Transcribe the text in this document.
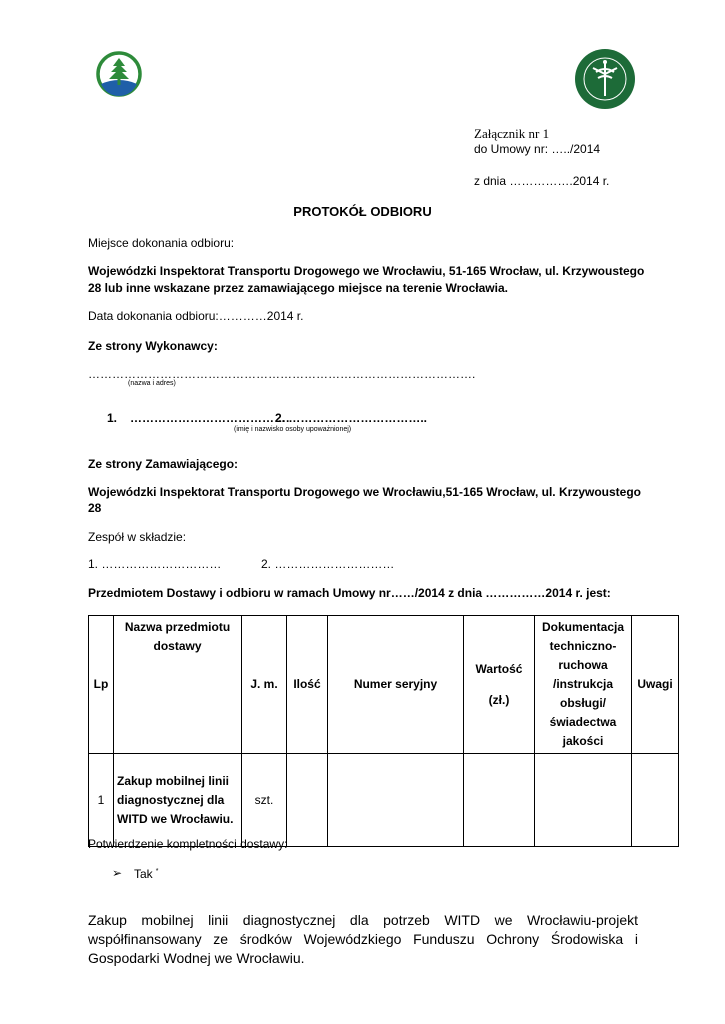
Załącznik nr 1
do Umowy nr: …../2014
z dnia …………….2014 r.
PROTOKÓŁ ODBIORU
Miejsce dokonania odbioru:
Wojewódzki Inspektorat Transportu Drogowego we Wrocławiu, 51-165 Wrocław, ul. Krzywoustego
28 lub inne wskazane przez zamawiającego miejsce na terenie Wrocławia.
Data dokonania odbioru:…………2014 r.
Ze strony Wykonawcy:
…………………………………………………………………………………….
(nazwa i adres)
1. ………………………………….
2. ……………………………..
(imię i nazwisko osoby upoważnionej)
Ze strony Zamawiającego:
Wojewódzki Inspektorat Transportu Drogowego we Wrocławiu,51-165 Wrocław, ul. Krzywoustego
28
Zespół w składzie:
1. …………………………	2. …………………………
Przedmiotem Dostawy i odbioru w ramach Umowy nr……/2014 z dnia ……………2014 r. jest:
Lp	Nazwa przedmiotu dostawy	J. m.	Ilość	Numer seryjny	Wartość
(zł.)	Dokumentacja techniczno-ruchowa /instrukcja obsługi/świadectwa jakości	Uwagi
1	Zakup mobilnej linii diagnostycznej dla WITD we Wrocławiu.	szt.					
Potwierdzenie kompletności dostawy:
➢ Tak *
Zakup mobilnej linii diagnostycznej dla potrzeb WITD we Wrocławiu-projekt współfinansowany ze środków Wojewódzkiego Funduszu Ochrony Środowiska i Gospodarki Wodnej we Wrocławiu.
